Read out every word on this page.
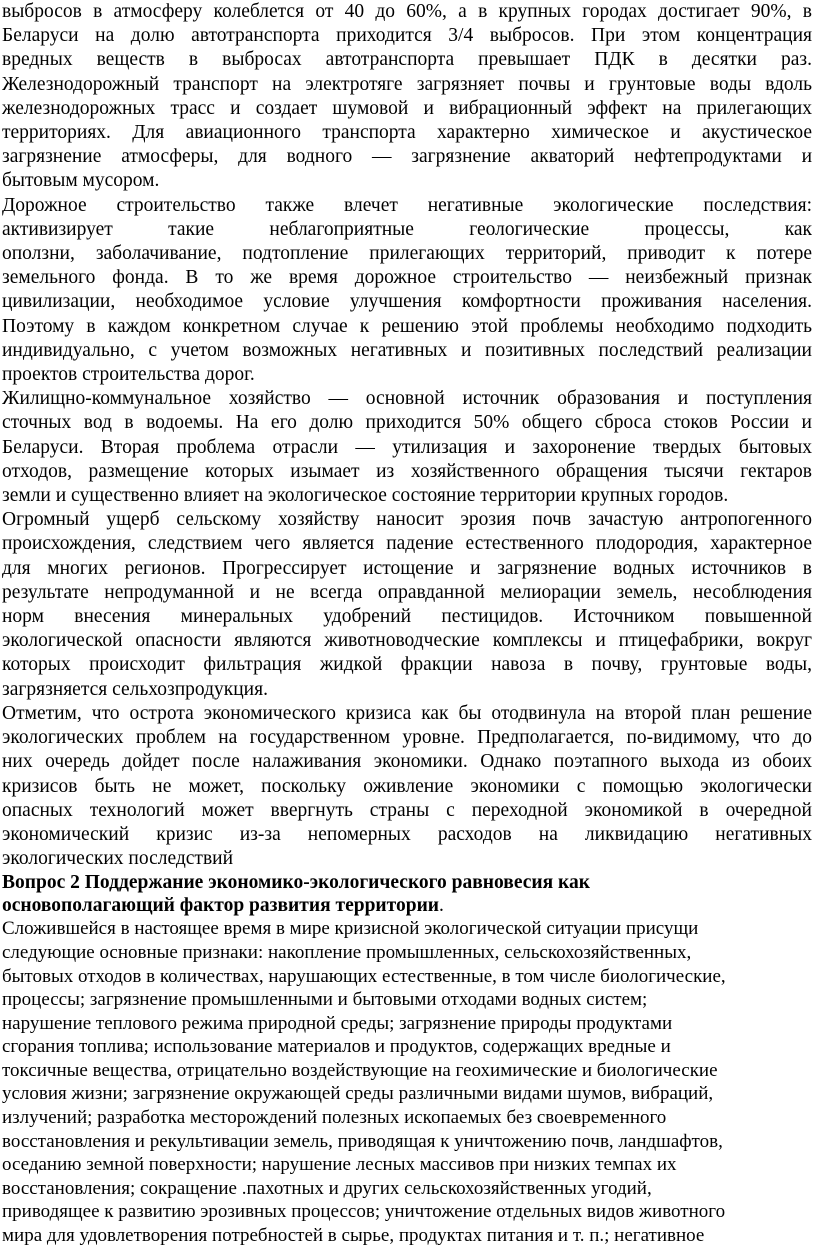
выбросов в атмосферу колеблется от 40 до 60%, а в крупных городах достигает 90%, в
Беларуси на долю автотранспорта приходится 3/4 выбросов. При этом концентрация
вредных веществ в выбросах автотранспорта превышает ПДК в десятки раз.
Железнодорожный транспорт на электротяге загрязняет почвы и грунтовые воды вдоль
железнодорожных трасс и создает шумовой и вибрационный эффект на прилегающих
территориях. Для авиационного транспорта характерно химическое и акустическое
загрязнение атмосферы, для водного — загрязнение акваторий нефтепродуктами и
бытовым мусором.

Дорожное строительство также влечет негативные экологические последствия:
активизирует такие неблагоприятные геологические процессы, как
оползни, заболачивание, подтопление прилегающих территорий, приводит к потере
земельного фонда. В то же время дорожное строительство — неизбежный признак
цивилизации, необходимое условие улучшения комфортности проживания населения.
Поэтому в каждом конкретном случае к решению этой проблемы необходимо подходить
индивидуально, с учетом возможных негативных и позитивных последствий реализации
проектов строительства дорог.

Жилищно-коммунальное хозяйство — основной источник образования и поступления
сточных вод в водоемы. На его долю приходится 50% общего сброса стоков России и
Беларуси. Вторая проблема отрасли — утилизация и захоронение твердых бытовых
отходов, размещение которых изымает из хозяйственного обращения тысячи гектаров
земли и существенно влияет на экологическое состояние территории крупных городов.

Огромный ущерб сельскому хозяйству наносит эрозия почв зачастую антропогенного
происхождения, следствием чего является падение естественного плодородия, характерное
для многих регионов. Прогрессирует истощение и загрязнение водных источников в
результате непродуманной и не всегда оправданной мелиорации земель, несоблюдения
норм внесения минеральных удобрений пестицидов. Источником повышенной
экологической опасности являются животноводческие комплексы и птицефабрики, вокруг
которых происходит фильтрация жидкой фракции навоза в почву, грунтовые воды,
загрязняется сельхозпродукция.

Отметим, что острота экономического кризиса как бы отодвинула на второй план решение
экологических проблем на государственном уровне. Предполагается, по-видимому, что до
них очередь дойдет после налаживания экономики. Однако поэтапного выхода из обоих
кризисов быть не может, поскольку оживление экономики с помощью экологически
опасных технологий может ввергнуть страны с переходной экономикой в очередной
экономический кризис из-за непомерных расходов на ликвидацию негативных
экологических последствий

Вопрос 2 Поддержание экономико-экологического равновесия как
основополагающий фактор развития территории.

Сложившейся в настоящее время в мире кризисной экологической ситуации присущи
следующие основные признаки: накопление промышленных, сельскохозяйственных,
бытовых отходов в количествах, нарушающих естественные, в том числе биологические,
процессы; загрязнение промышленными и бытовыми отходами водных систем;
нарушение теплового режима природной среды; загрязнение природы продуктами
сгорания топлива; использование материалов и продуктов, содержащих вредные и
токсичные вещества, отрицательно воздействующие на геохимические и биологические
условия жизни; загрязнение окружающей среды различными видами шумов, вибраций,
излучений; разработка месторождений полезных ископаемых без своевременного
восстановления и рекультивации земель, приводящая к уничтожению почв, ландшафтов,
оседанию земной поверхности; нарушение лесных массивов при низких темпах их
восстановления; сокращение .пахотных и других сельскохозяйственных угодий,
приводящее к развитию эрозивных процессов; уничтожение отдельных видов животного
мира для удовлетворения потребностей в сырье, продуктах питания и т. п.; негативное
